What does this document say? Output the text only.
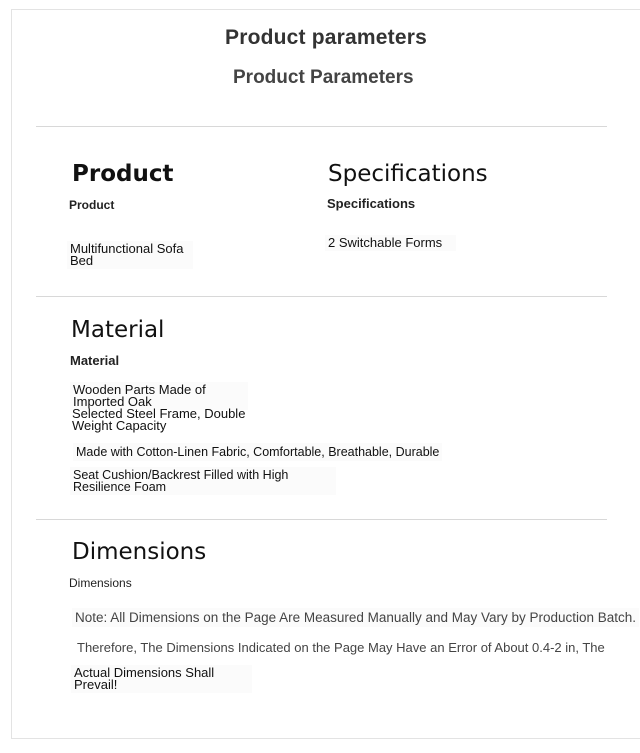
Product parameters
Product Parameters
Product
Product
Multifunctional Sofa Bed
Specifications
Specifications
2 Switchable Forms
Material
Material
Wooden Parts Made of Imported Oak
Selected Steel Frame, Double Weight Capacity
Made with Cotton-Linen Fabric, Comfortable, Breathable, Durable
Seat Cushion/Backrest Filled with High Resilience Foam
Dimensions
Dimensions
Note: All Dimensions on the Page Are Measured Manually and May Vary by Production Batch.
Therefore, The Dimensions Indicated on the Page May Have an Error of About 0.4-2 in, The
Actual Dimensions Shall Prevail!
